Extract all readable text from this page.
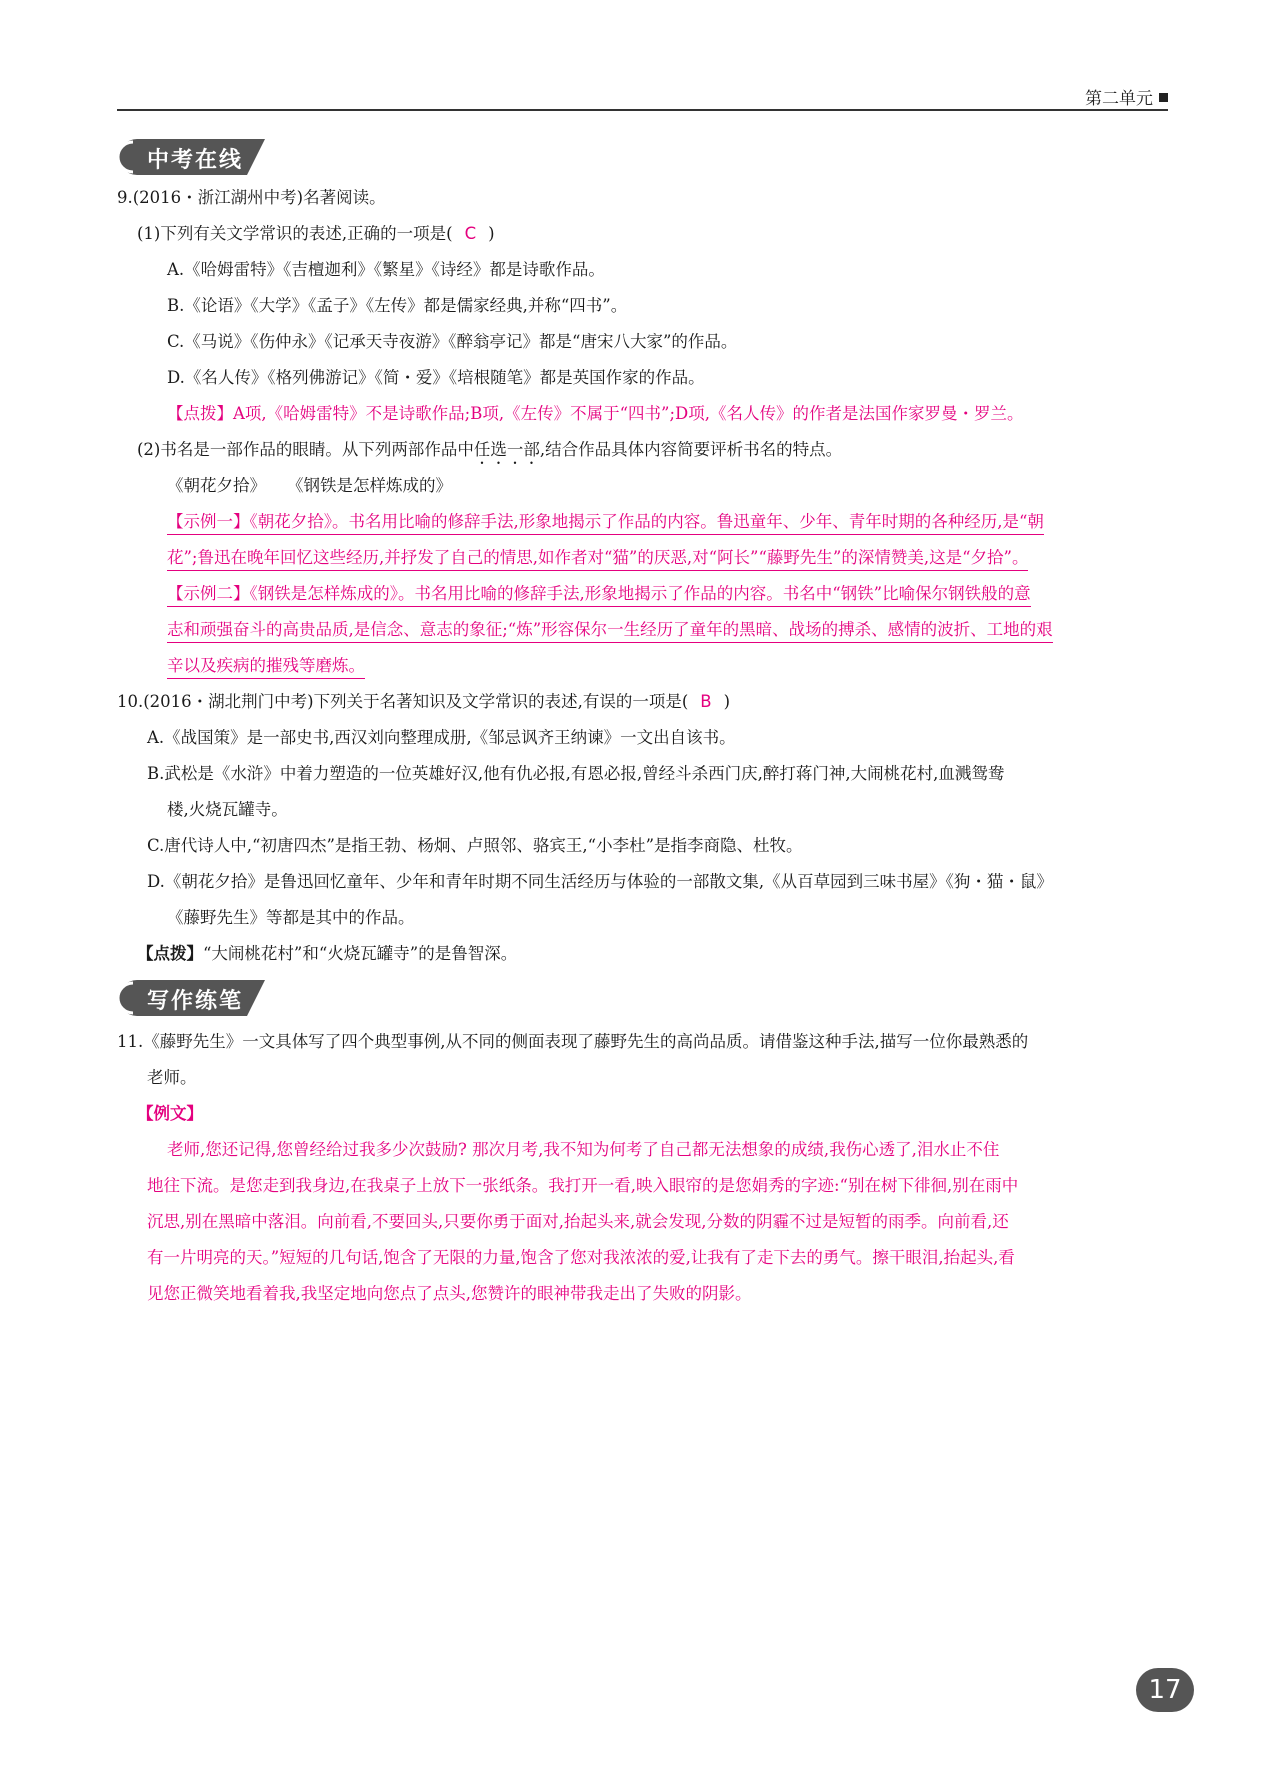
第二单元
中考在线
9.(2016・浙江湖州中考)名著阅读。
(1)下列有关文学常识的表述,正确的一项是( C )
A.《哈姆雷特》《吉檀迦利》《繁星》《诗经》都是诗歌作品。
B.《论语》《大学》《孟子》《左传》都是儒家经典,并称“四书”。
C.《马说》《伤仲永》《记承天寺夜游》《醉翁亭记》都是“唐宋八大家”的作品。
D.《名人传》《格列佛游记》《简・爱》《培根随笔》都是英国作家的作品。
【点拨】A项,《哈姆雷特》不是诗歌作品;B项,《左传》不属于“四书”;D项,《名人传》的作者是法国作家罗曼・罗兰。
(2)书名是一部作品的眼睛。从下列两部作品中任选一部,结合作品具体内容简要评析书名的特点。
《朝花夕拾》    《钢铁是怎样炼成的》
【示例一】《朝花夕拾》。书名用比喻的修辞手法,形象地揭示了作品的内容。鲁迅童年、少年、青年时期的各种经历,是“朝
花”;鲁迅在晚年回忆这些经历,并抒发了自己的情思,如作者对“猫”的厌恶,对“阿长”“藤野先生”的深情赞美,这是“夕拾”。
【示例二】《钢铁是怎样炼成的》。书名用比喻的修辞手法,形象地揭示了作品的内容。书名中“钢铁”比喻保尔钢铁般的意
志和顽强奋斗的高贵品质,是信念、意志的象征;“炼”形容保尔一生经历了童年的黑暗、战场的搏杀、感情的波折、工地的艰
辛以及疾病的摧残等磨炼。
10.(2016・湖北荆门中考)下列关于名著知识及文学常识的表述,有误的一项是( B )
A.《战国策》是一部史书,西汉刘向整理成册,《邹忌讽齐王纳谏》一文出自该书。
B.武松是《水浒》中着力塑造的一位英雄好汉,他有仇必报,有恩必报,曾经斗杀西门庆,醉打蒋门神,大闹桃花村,血溅鸳鸯
楼,火烧瓦罐寺。
C.唐代诗人中,“初唐四杰”是指王勃、杨炯、卢照邻、骆宾王,“小李杜”是指李商隐、杜牧。
D.《朝花夕拾》是鲁迅回忆童年、少年和青年时期不同生活经历与体验的一部散文集,《从百草园到三味书屋》《狗・猫・鼠》
《藤野先生》等都是其中的作品。
【点拨】“大闹桃花村”和“火烧瓦罐寺”的是鲁智深。
写作练笔
11.《藤野先生》一文具体写了四个典型事例,从不同的侧面表现了藤野先生的高尚品质。请借鉴这种手法,描写一位你最熟悉的
老师。
【例文】
老师,您还记得,您曾经给过我多少次鼓励? 那次月考,我不知为何考了自己都无法想象的成绩,我伤心透了,泪水止不住
地往下流。是您走到我身边,在我桌子上放下一张纸条。我打开一看,映入眼帘的是您娟秀的字迹:“别在树下徘徊,别在雨中
沉思,别在黑暗中落泪。向前看,不要回头,只要你勇于面对,抬起头来,就会发现,分数的阴霾不过是短暂的雨季。向前看,还
有一片明亮的天。”短短的几句话,饱含了无限的力量,饱含了您对我浓浓的爱,让我有了走下去的勇气。擦干眼泪,抬起头,看
见您正微笑地看着我,我坚定地向您点了点头,您赞许的眼神带我走出了失败的阴影。
17
